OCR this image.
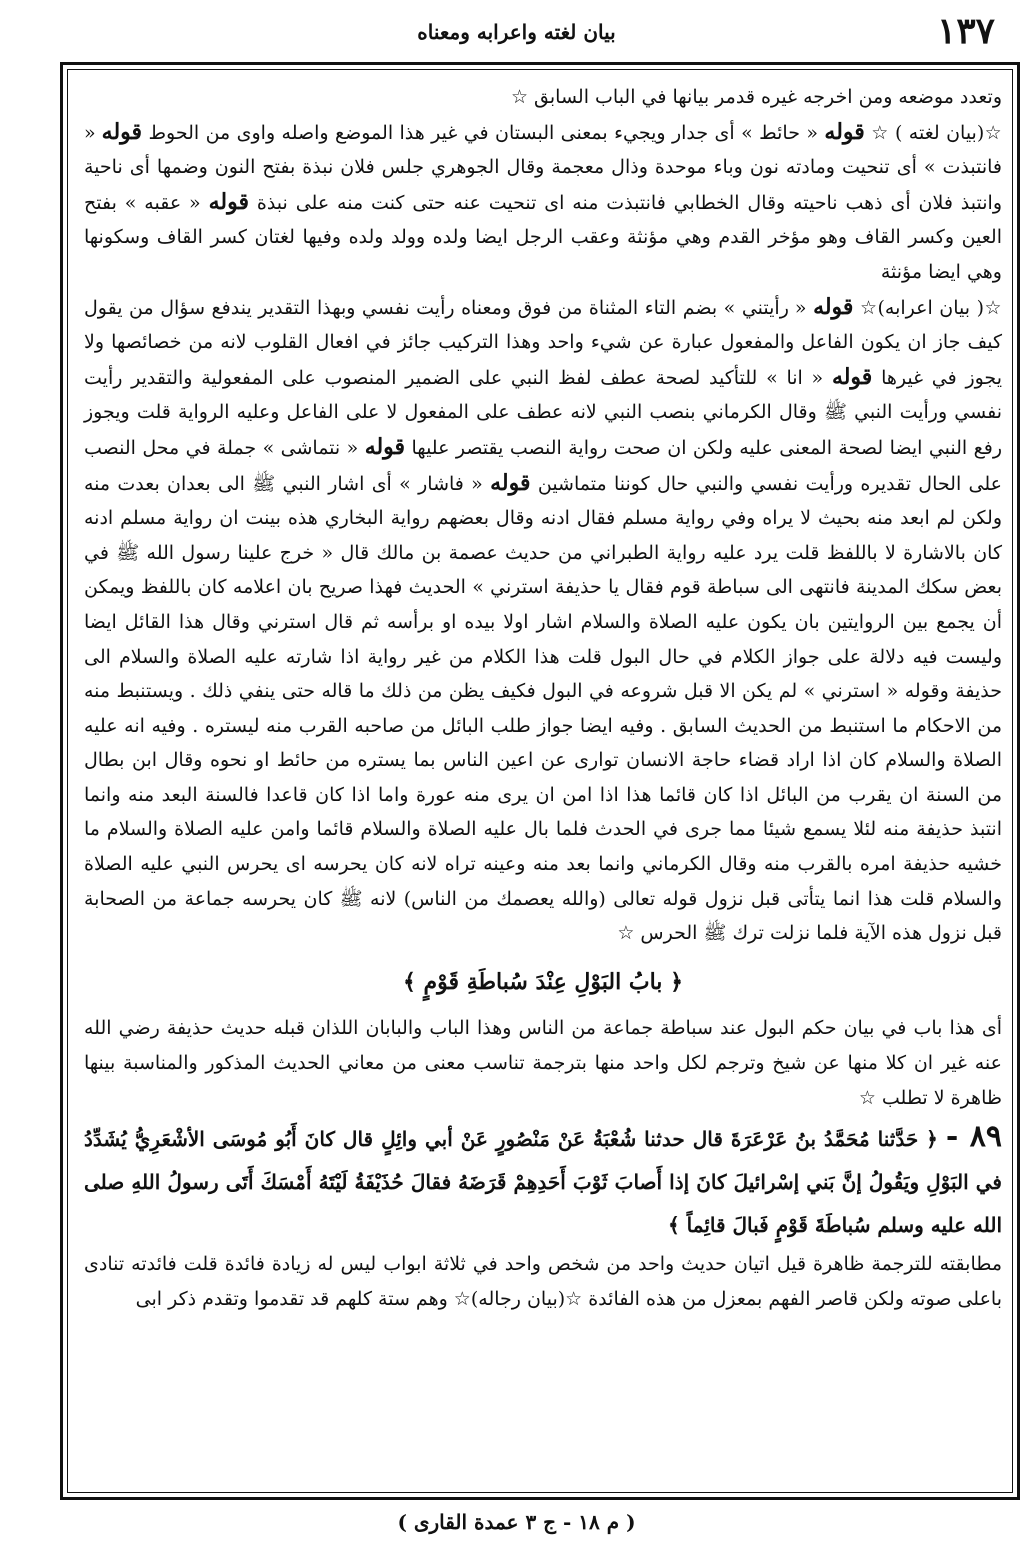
١٣٧
بيان لغته واعرابه ومعناه

وتعدد موضعه ومن اخرجه غيره قدمر بيانها في الباب السابق ☆

☆(بيان لغته ) ☆ قوله « حائط » أى جدار ويجيء بمعنى البستان في غير هذا الموضع واصله واوى من الحوط قوله « فانتبذت » أى تنحيت ومادته نون وباء موحدة وذال معجمة وقال الجوهري جلس فلان نبذة بفتح النون وضمها أى ناحية وانتبذ فلان أى ذهب ناحيته وقال الخطابي فانتبذت منه اى تنحيت عنه حتى كنت منه على نبذة قوله « عقبه » بفتح العين وكسر القاف وهو مؤخر القدم وهي مؤنثة وعقب الرجل ايضا ولده وولد ولده وفيها لغتان كسر القاف وسكونها وهي ايضا مؤنثة

☆( بيان اعرابه)☆ قوله « رأيتني » بضم التاء المثناة من فوق ومعناه رأيت نفسي وبهذا التقدير يندفع سؤال من يقول كيف جاز ان يكون الفاعل والمفعول عبارة عن شيء واحد وهذا التركيب جائز في افعال القلوب لانه من خصائصها ولا يجوز في غيرها قوله « انا » للتأكيد لصحة عطف لفظ النبي على الضمير المنصوب على المفعولية والتقدير رأيت نفسي ورأيت النبي ﷺ وقال الكرماني بنصب النبي لانه عطف على المفعول لا على الفاعل وعليه الرواية قلت ويجوز رفع النبي ايضا لصحة المعنى عليه ولكن ان صحت رواية النصب يقتصر عليها قوله « نتماشى » جملة في محل النصب على الحال تقديره ورأيت نفسي والنبي حال كوننا متماشين قوله « فاشار » أى اشار النبي ﷺ الى بعدان بعدت منه ولكن لم ابعد منه بحيث لا يراه وفي رواية مسلم فقال ادنه وقال بعضهم رواية البخاري هذه بينت ان رواية مسلم ادنه كان بالاشارة لا باللفظ قلت يرد عليه رواية الطبراني من حديث عصمة بن مالك قال « خرج علينا رسول الله ﷺ في بعض سكك المدينة فانتهى الى سباطة قوم فقال يا حذيفة استرني » الحديث فهذا صريح بان اعلامه كان باللفظ ويمكن أن يجمع بين الروايتين بان يكون عليه الصلاة والسلام اشار اولا بيده او برأسه ثم قال استرني وقال هذا القائل ايضا وليست فيه دلالة على جواز الكلام في حال البول قلت هذا الكلام من غير رواية اذا شارته عليه الصلاة والسلام الى حذيفة وقوله « استرني » لم يكن الا قبل شروعه في البول فكيف يظن من ذلك ما قاله حتى ينفي ذلك . ويستنبط منه من الاحكام ما استنبط من الحديث السابق . وفيه ايضا جواز طلب البائل من صاحبه القرب منه ليستره . وفيه انه عليه الصلاة والسلام كان اذا اراد قضاء حاجة الانسان توارى عن اعين الناس بما يستره من حائط او نحوه وقال ابن بطال من السنة ان يقرب من البائل اذا كان قائما هذا اذا امن ان يرى منه عورة واما اذا كان قاعدا فالسنة البعد منه وانما انتبذ حذيفة منه لئلا يسمع شيئا مما جرى في الحدث فلما بال عليه الصلاة والسلام قائما وامن عليه الصلاة والسلام ما خشيه حذيفة امره بالقرب منه وقال الكرماني وانما بعد منه وعينه تراه لانه كان يحرسه اى يحرس النبي عليه الصلاة والسلام قلت هذا انما يتأتى قبل نزول قوله تعالى (والله يعصمك من الناس) لانه ﷺ كان يحرسه جماعة من الصحابة قبل نزول هذه الآية فلما نزلت ترك ﷺ الحرس ☆

﴿ بابُ البَوْلِ عِنْدَ سُباطَةِ قَوْمٍ ﴾

أى هذا باب في بيان حكم البول عند سباطة جماعة من الناس وهذا الباب والبابان اللذان قبله حديث حذيفة رضي الله عنه غير ان كلا منها عن شيخ وترجم لكل واحد منها بترجمة تناسب معنى من معاني الحديث المذكور والمناسبة بينها ظاهرة لا تطلب ☆

٨٩ - ﴿ حَدَّثنا مُحَمَّدُ بنُ عَرْعَرَةَ قال حدثنا شُعْبَةُ عَنْ مَنْصُورٍ عَنْ أبي وائِلٍ قال كانَ أَبُو مُوسَى الأشْعَرِيُّ يُشَدِّدُ في البَوْلِ ويَقُولُ إنَّ بَني إسْرائيلَ كانَ إذا أَصابَ ثَوْبَ أَحَدِهِمْ قَرَضَهُ فقالَ حُذَيْفَةُ لَيْتَهُ أَمْسَكَ أَتَى رسولُ اللهِ صلى الله عليه وسلم سُباطَةَ قَوْمٍ فَبالَ قائِماً ﴾

مطابقته للترجمة ظاهرة قيل اتيان حديث واحد من شخص واحد في ثلاثة ابواب ليس له زيادة فائدة قلت فائدته تنادى باعلى صوته ولكن قاصر الفهم بمعزل من هذه الفائدة ☆(بيان رجاله)☆ وهم ستة كلهم قد تقدموا وتقدم ذكر ابى

( م ١٨ - ج ٣ عمدة القارى )
